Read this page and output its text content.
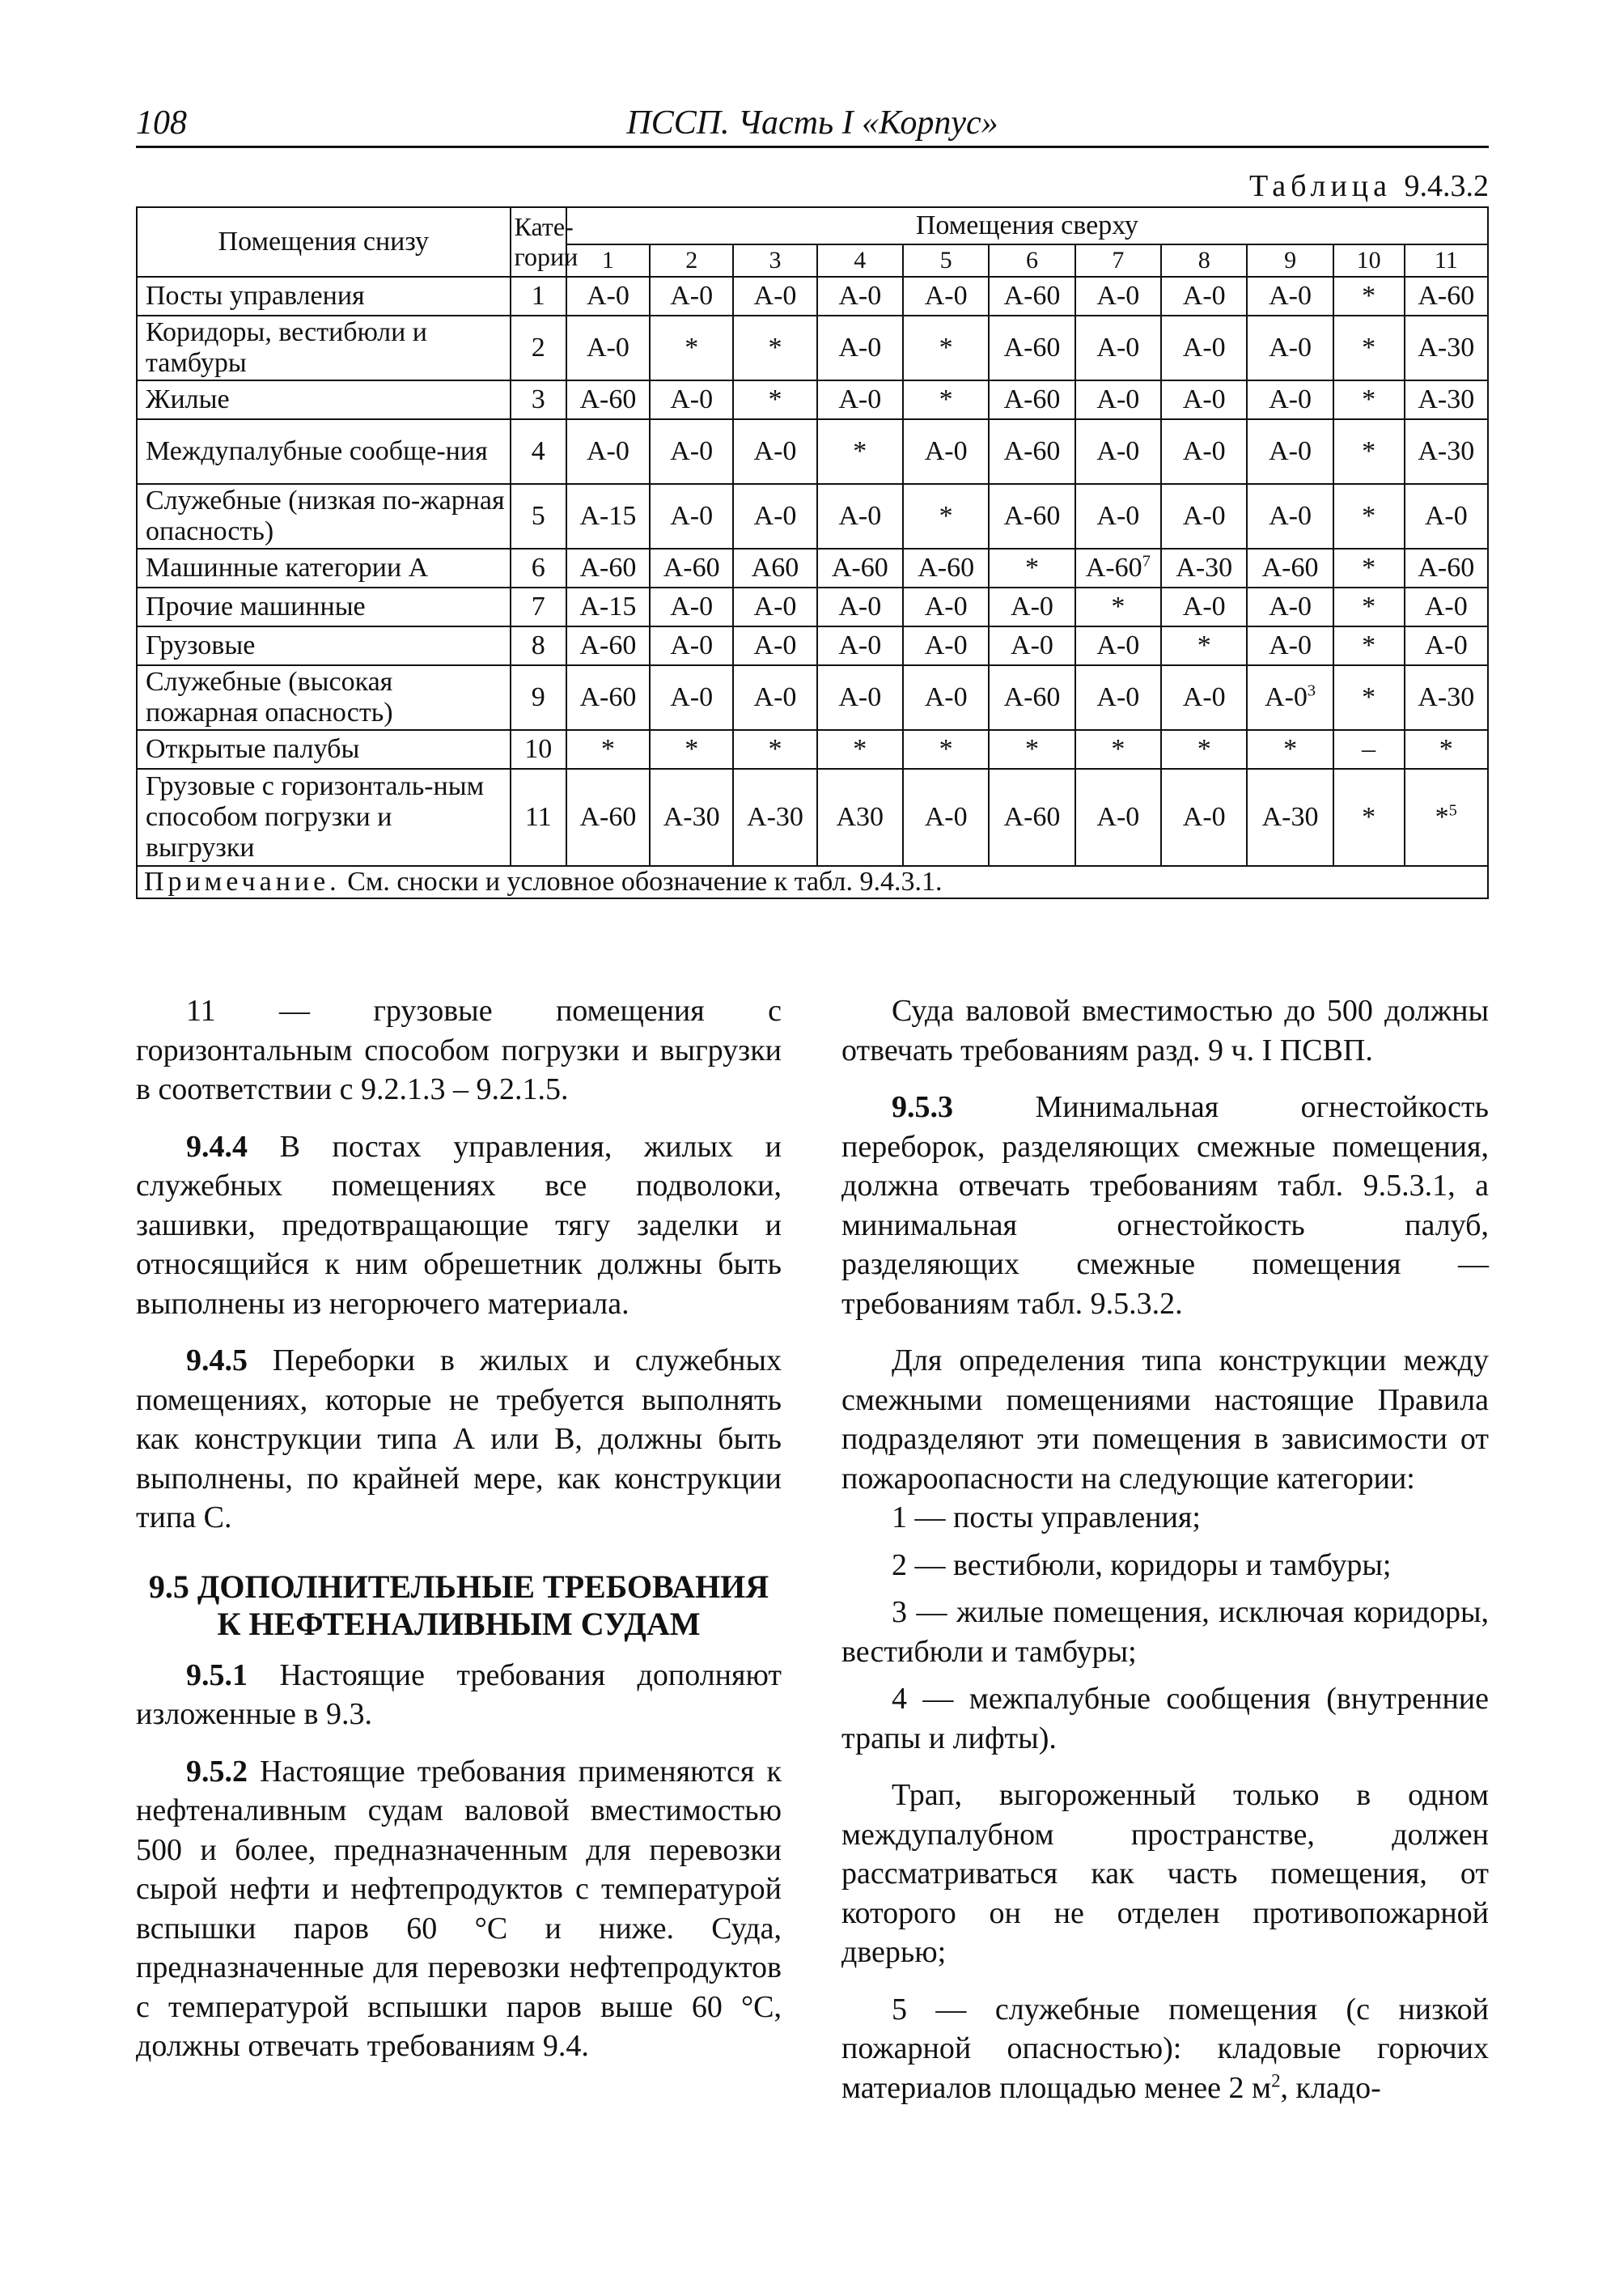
108	ПССП. Часть I «Корпус»
Таблица 9.4.3.2
Помещения снизу	Кате-гории	Помещения сверху										
		1	2	3	4	5	6	7	8	9	10	11
Посты управления	1	А-0	А-0	А-0	А-0	А-0	А-60	А-0	А-0	А-0	*	А-60
Коридоры, вестибюли и тамбуры	2	А-0	*	*	А-0	*	А-60	А-0	А-0	А-0	*	А-30
Жилые	3	А-60	А-0	*	А-0	*	А-60	А-0	А-0	А-0	*	А-30
Междупалубные сообще-ния	4	А-0	А-0	А-0	*	А-0	А-60	А-0	А-0	А-0	*	А-30
Служебные (низкая по-жарная опасность)	5	А-15	А-0	А-0	А-0	*	А-60	А-0	А-0	А-0	*	А-0
Машинные категории А	6	А-60	А-60	А60	А-60	А-60	*	$А-60^7$	А-30	А-60	*	А-60
Прочие машинные	7	А-15	А-0	А-0	А-0	А-0	А-0	*	А-0	А-0	*	А-0
Грузовые	8	А-60	А-0	А-0	А-0	А-0	А-0	А-0	*	А-0	*	А-0
Служебные (высокая пожарная опасность)	9	А-60	А-0	А-0	А-0	А-0	А-60	А-0	А-0	$А-0^3$	*	А-30
Открытые палубы	10	*	*	*	*	*	*	*	*	*	–	*
Грузовые с горизонталь-ным способом погрузки и выгрузки	11	А-60	А-30	А-30	А30	А-0	А-60	А-0	А-0	А-30	*	*$^5$
Примечание. См. сноски и условное обозначение к табл. 9.4.3.1.												

11 — грузовые помещения с горизонтальным способом погрузки и выгрузки в соответствии с 9.2.1.3 – 9.2.1.5.

9.4.4 В постах управления, жилых и служебных помещениях все подволоки, зашивки, предотвращающие тягу заделки и относящийся к ним обрешетник должны быть выполнены из негорючего материала.

9.4.5 Переборки в жилых и служебных помещениях, которые не требуется выполнять как конструкции типа А или В, должны быть выполнены, по крайней мере, как конструкции типа С.

9.5 ДОПОЛНИТЕЛЬНЫЕ ТРЕБОВАНИЯ К НЕФТЕНАЛИВНЫМ СУДАМ

9.5.1 Настоящие требования дополняют изложенные в 9.3.

9.5.2 Настоящие требования применяются к нефтеналивным судам валовой вместимостью 500 и более, предназначенным для перевозки сырой нефти и нефтепродуктов с температурой вспышки паров 60 °С и ниже. Суда, предназначенные для перевозки нефтепродуктов с температурой вспышки паров выше 60 °С, должны отвечать требованиям 9.4.

Суда валовой вместимостью до 500 должны отвечать требованиям разд. 9 ч. I ПСВП.

9.5.3 Минимальная огнестойкость переборок, разделяющих смежные помещения, должна отвечать требованиям табл. 9.5.3.1, а минимальная огнестойкость палуб, разделяющих смежные помещения — требованиям табл. 9.5.3.2.

Для определения типа конструкции между смежными помещениями настоящие Правила подразделяют эти помещения в зависимости от пожароопасности на следующие категории:

1 — посты управления;

2 — вестибюли, коридоры и тамбуры;

3 — жилые помещения, исключая коридоры, вестибюли и тамбуры;

4 — межпалубные сообщения (внутренние трапы и лифты).

Трап, выгороженный только в одном междупалубном пространстве, должен рассматриваться как часть помещения, от которого он не отделен противопожарной дверью;

5 — служебные помещения (с низкой пожарной опасностью): кладовые горючих материалов площадью менее 2 $м^2$, кладо-
